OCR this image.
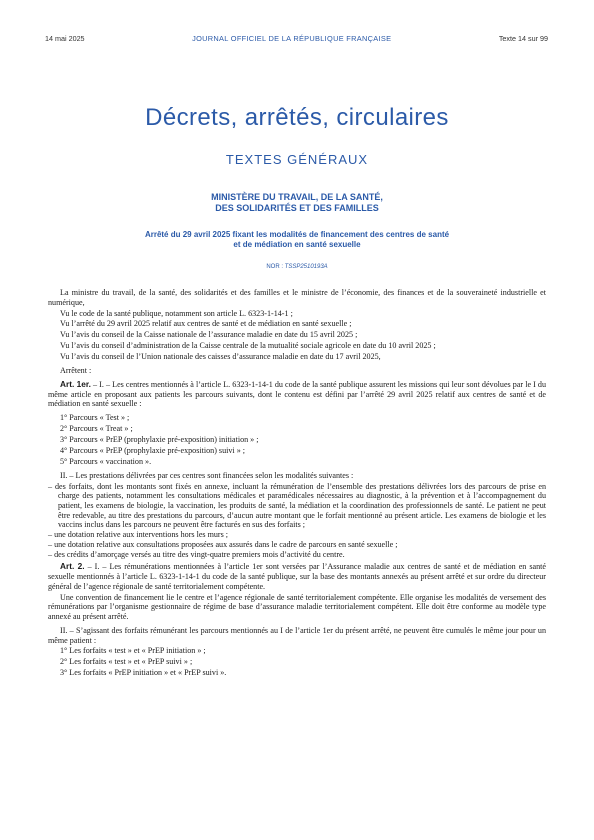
14 mai 2025	JOURNAL OFFICIEL DE LA RÉPUBLIQUE FRANÇAISE	Texte 14 sur 99
Décrets, arrêtés, circulaires
TEXTES GÉNÉRAUX
MINISTÈRE DU TRAVAIL, DE LA SANTÉ,
DES SOLIDARITÉS ET DES FAMILLES
Arrêté du 29 avril 2025 fixant les modalités de financement des centres de santé
et de médiation en santé sexuelle
NOR : TSSP2510193A

La ministre du travail, de la santé, des solidarités et des familles et le ministre de l’économie, des finances et de la souveraineté industrielle et numérique,

Vu le code de la santé publique, notamment son article L. 6323-1-14-1 ;

Vu l’arrêté du 29 avril 2025 relatif aux centres de santé et de médiation en santé sexuelle ;

Vu l’avis du conseil de la Caisse nationale de l’assurance maladie en date du 15 avril 2025 ;

Vu l’avis du conseil d’administration de la Caisse centrale de la mutualité sociale agricole en date du 10 avril 2025 ;

Vu l’avis du conseil de l’Union nationale des caisses d’assurance maladie en date du 17 avril 2025,

Arrêtent :

Art. 1er. – I. – Les centres mentionnés à l’article L. 6323-1-14-1 du code de la santé publique assurent les missions qui leur sont dévolues par le I du même article en proposant aux patients les parcours suivants, dont le contenu est défini par l’arrêté 29 avril 2025 relatif aux centres de santé et de médiation en santé sexuelle :

1° Parcours « Test » ;

2° Parcours « Treat » ;

3° Parcours « PrEP (prophylaxie pré-exposition) initiation » ;

4° Parcours « PrEP (prophylaxie pré-exposition) suivi » ;

5° Parcours « vaccination ».

II. – Les prestations délivrées par ces centres sont financées selon les modalités suivantes :

– des forfaits, dont les montants sont fixés en annexe, incluant la rémunération de l’ensemble des prestations délivrées lors des parcours de prise en charge des patients, notamment les consultations médicales et paramédicales nécessaires au diagnostic, à la prévention et à l’accompagnement du patient, les examens de biologie, la vaccination, les produits de santé, la médiation et la coordination des professionnels de santé. Le patient ne peut être redevable, au titre des prestations du parcours, d’aucun autre montant que le forfait mentionné au présent article. Les examens de biologie et les vaccins inclus dans les parcours ne peuvent être facturés en sus des forfaits ;
– une dotation relative aux interventions hors les murs ;
– une dotation relative aux consultations proposées aux assurés dans le cadre de parcours en santé sexuelle ;
– des crédits d’amorçage versés au titre des vingt-quatre premiers mois d’activité du centre.

Art. 2. – I. – Les rémunérations mentionnées à l’article 1er sont versées par l’Assurance maladie aux centres de santé et de médiation en santé sexuelle mentionnés à l’article L. 6323-1-14-1 du code de la santé publique, sur la base des montants annexés au présent arrêté et sur ordre du directeur général de l’agence régionale de santé territorialement compétente.

Une convention de financement lie le centre et l’agence régionale de santé territorialement compétente. Elle organise les modalités de versement des rémunérations par l’organisme gestionnaire de régime de base d’assurance maladie territorialement compétent. Elle doit être conforme au modèle type annexé au présent arrêté.

II. – S’agissant des forfaits rémunérant les parcours mentionnés au I de l’article 1er du présent arrêté, ne peuvent être cumulés le même jour pour un même patient :

1° Les forfaits « test » et « PrEP initiation » ;

2° Les forfaits « test » et « PrEP suivi » ;

3° Les forfaits « PrEP initiation » et « PrEP suivi ».
